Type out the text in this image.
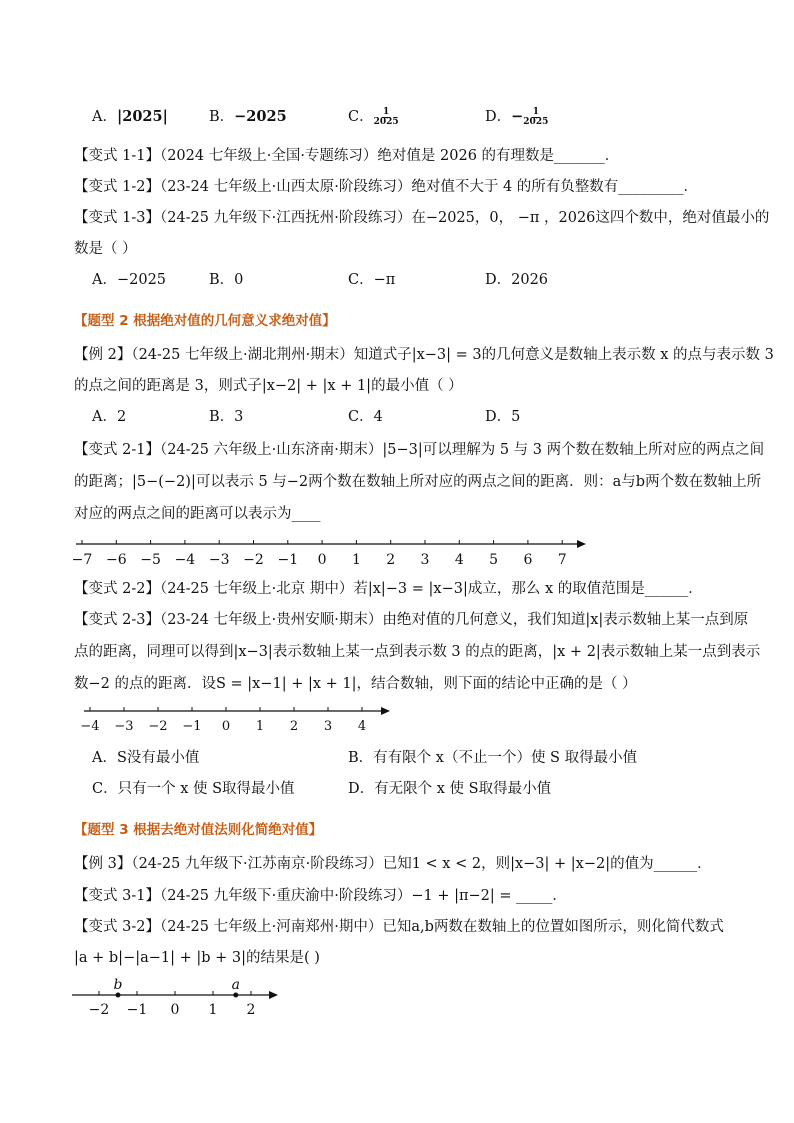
A．|2025|	B．−2025	C． $\frac{1}{2025}$	D．− $\frac{1}{2025}$
【变式 1-1】（2024 七年级上·全国·专题练习）绝对值是 2026 的有理数是_______．
【变式 1-2】（23-24 七年级上·山西太原·阶段练习）绝对值不大于 4 的所有负整数有_________．
【变式 1-3】（24-25 九年级下·江西抚州·阶段练习）在−2025，0， −π ，2026这四个数中，绝对值最小的
数是（ ）
A．−2025	B．0	C．−π	D．2026
【题型 2 根据绝对值的几何意义求绝对值】
【例 2】（24-25 七年级上·湖北荆州·期末）知道式子|x−3| = 3的几何意义是数轴上表示数 x 的点与表示数 3
的点之间的距离是 3，则式子|x−2| + |x + 1|的最小值（ ）
A．2	B．3	C．4	D．5
【变式 2-1】（24-25 六年级上·山东济南·期末）|5−3|可以理解为 5 与 3 两个数在数轴上所对应的两点之间
的距离；|5−(−2)|可以表示 5 与−2两个数在数轴上所对应的两点之间的距离．则：a与b两个数在数轴上所
对应的两点之间的距离可以表示为____
−7 −6 −5 −4 −3 −2 −1 0 1 2 3 4 5 6 7
【变式 2-2】（24-25 七年级上·北京 期中）若|x|−3 = |x−3|成立，那么 x 的取值范围是______．
【变式 2-3】（23-24 七年级上·贵州安顺·期末）由绝对值的几何意义，我们知道|x|表示数轴上某一点到原
点的距离，同理可以得到|x−3|表示数轴上某一点到表示数 3 的点的距离，|x + 2|表示数轴上某一点到表示
数−2 的点的距离．设S = |x−1| + |x + 1|，结合数轴，则下面的结论中正确的是（ ）
−4 −3 −2 −1 0 1 2 3 4
A．S没有最小值	B．有有限个 x（不止一个）使 S 取得最小值
C．只有一个 x 使 S取得最小值	D．有无限个 x 使 S取得最小值
【题型 3 根据去绝对值法则化简绝对值】
【例 3】（24-25 九年级下·江苏南京·阶段练习）已知1 < x < 2，则|x−3| + |x−2|的值为______．
【变式 3-1】（24-25 九年级下·重庆渝中·阶段练习）−1 + |π−2| = _____．
【变式 3-2】（24-25 七年级上·河南郑州·期中）已知a,b两数在数轴上的位置如图所示，则化简代数式
|a + b|−|a−1| + |b + 3|的结果是( )
−2 −1 0 1 2
b	a
